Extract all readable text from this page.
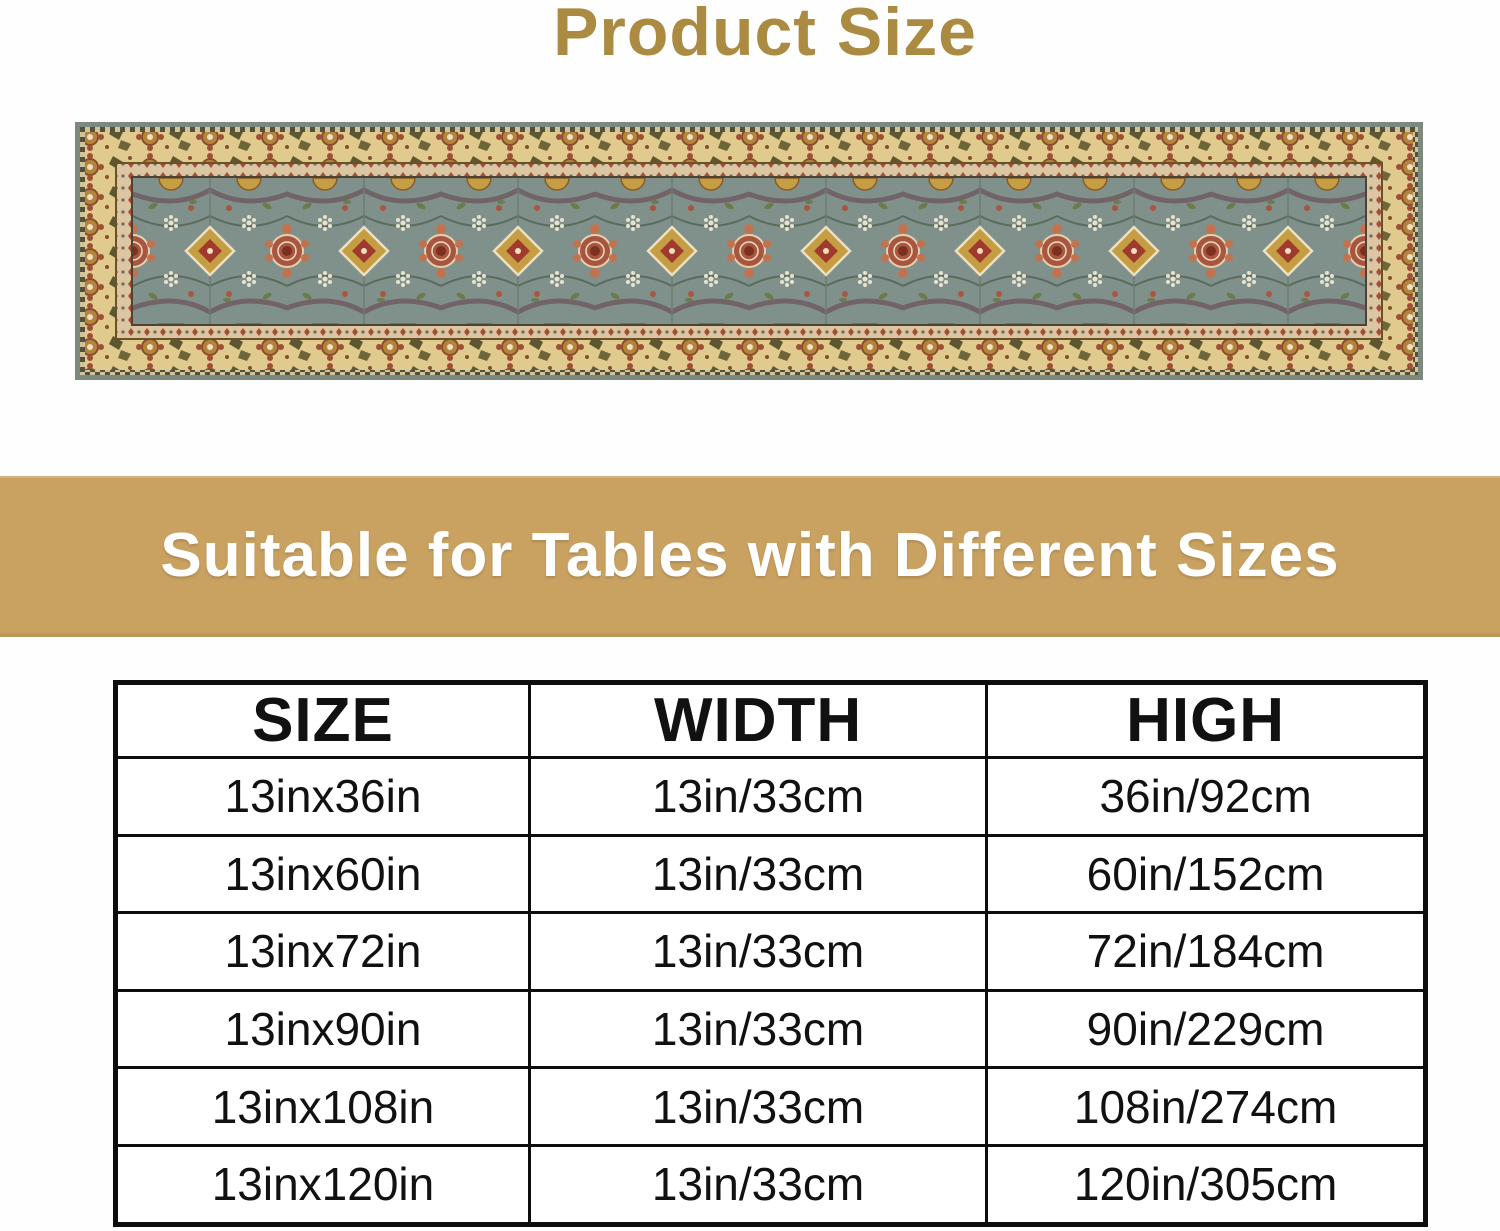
Product Size
Suitable for Tables with Different Sizes
SIZE	WIDTH	HIGH
13inx36in	13in/33cm	36in/92cm
13inx60in	13in/33cm	60in/152cm
13inx72in	13in/33cm	72in/184cm
13inx90in	13in/33cm	90in/229cm
13inx108in	13in/33cm	108in/274cm
13inx120in	13in/33cm	120in/305cm
